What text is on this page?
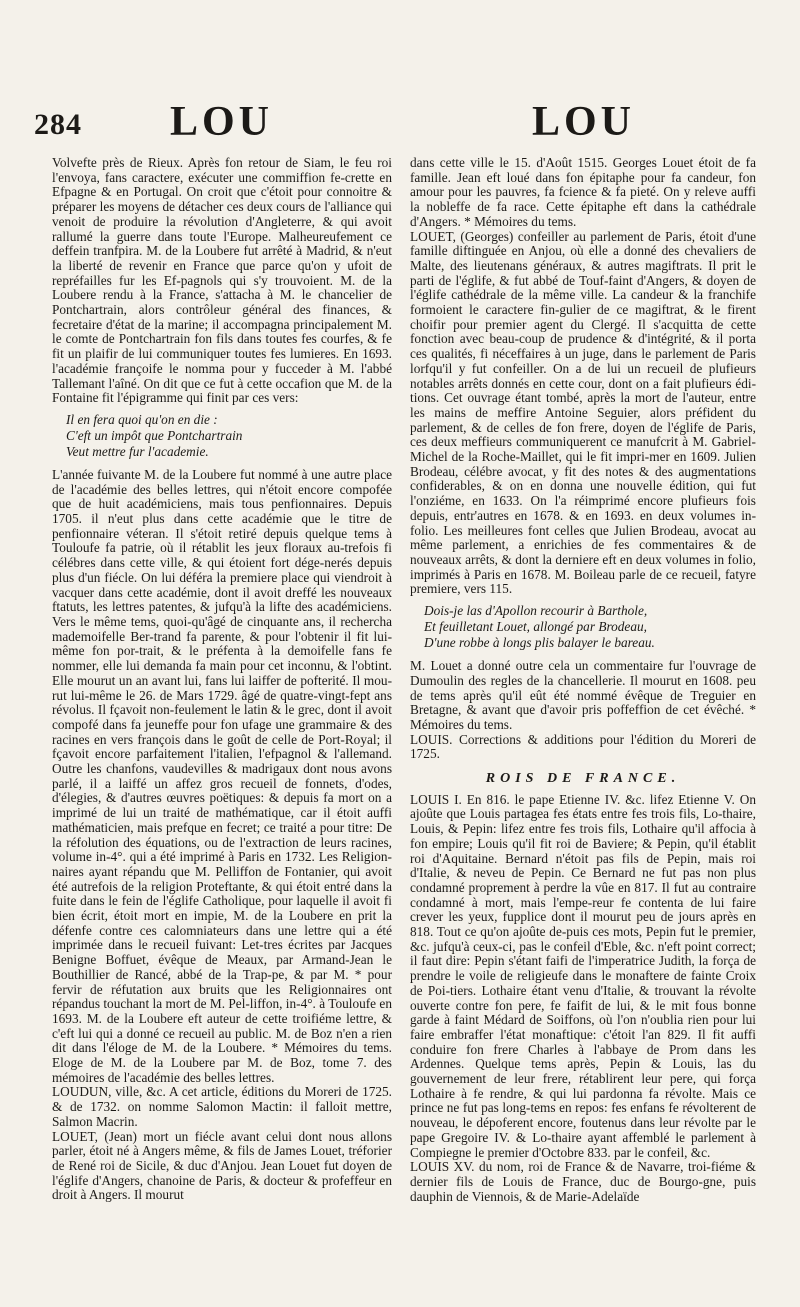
284 LOU	LOU

Volvefte près de Rieux. Après fon retour de Siam, le feu roi l'envoya, fans caractere, exécuter une commiffion fe-crette en Efpagne & en Portugal. On croit que c'étoit pour connoitre & préparer les moyens de détacher ces deux cours de l'alliance qui venoit de produire la révolution d'Angleterre, & qui avoit rallumé la guerre dans toute l'Europe. Malheureufement ce deffein tranfpira. M. de la Loubere fut arrêté à Madrid, & n'eut la liberté de revenir en France que parce qu'on y ufoit de repréfailles fur les Ef-pagnols qui s'y trouvoient. M. de la Loubere rendu à la France, s'attacha à M. le chancelier de Pontchartrain, alors contrôleur général des finances, & fecretaire d'état de la marine; il accompagna principalement M. le comte de Pontchartrain fon fils dans toutes fes courfes, & fe fit un plaifir de lui communiquer toutes fes lumieres. En 1693. l'académie françoife le nomma pour y fucceder à M. l'abbé Tallemant l'aîné. On dit que ce fut à cette occafion que M. de la Fontaine fit l'épigramme qui finit par ces vers:

Il en fera quoi qu'on en die :
C'eft un impôt que Pontchartrain
Veut mettre fur l'academie.

L'année fuivante M. de la Loubere fut nommé à une autre place de l'académie des belles lettres, qui n'étoit encore compofée que de huit académiciens, mais tous penfionnaires. Depuis 1705. il n'eut plus dans cette académie que le titre de penfionnaire véteran. Il s'étoit retiré depuis quelque tems à Touloufe fa patrie, où il rétablit les jeux floraux au-trefois fi célébres dans cette ville, & qui étoient fort dége-nerés depuis plus d'un fiécle. On lui déféra la premiere place qui viendroit à vacquer dans cette académie, dont il avoit dreffé les nouveaux ftatuts, les lettres patentes, & jufqu'à la lifte des académiciens. Vers le même tems, quoi-qu'âgé de cinquante ans, il rechercha mademoifelle Ber-trand fa parente, & pour l'obtenir il fit lui-même fon por-trait, & le préfenta à la demoifelle fans fe nommer, elle lui demanda fa main pour cet inconnu, & l'obtint. Elle mourut un an avant lui, fans lui laiffer de pofterité. Il mou-rut lui-même le 26. de Mars 1729. âgé de quatre-vingt-fept ans révolus. Il fçavoit non-feulement le latin & le grec, dont il avoit compofé dans fa jeuneffe pour fon ufage une grammaire & des racines en vers françois dans le goût de celle de Port-Royal; il fçavoit encore parfaitement l'italien, l'efpagnol & l'allemand. Outre les chanfons, vaudevilles & madrigaux dont nous avons parlé, il a laiffé un affez gros recueil de fonnets, d'odes, d'élegies, & d'autres œuvres poëtiques: & depuis fa mort on a imprimé de lui un traité de mathématique, car il étoit auffi mathématicien, mais prefque en fecret; ce traité a pour titre: De la réfolution des équations, ou de l'extraction de leurs racines, volume in-4°. qui a été imprimé à Paris en 1732. Les Religion-naires ayant répandu que M. Pelliffon de Fontanier, qui avoit été autrefois de la religion Proteftante, & qui étoit entré dans la fuite dans le fein de l'églife Catholique, pour laquelle il avoit fi bien écrit, étoit mort en impie, M. de la Loubere en prit la défenfe contre ces calomniateurs dans une lettre qui a été imprimée dans le recueil fuivant: Let-tres écrites par Jacques Benigne Boffuet, évêque de Meaux, par Armand-Jean le Bouthillier de Rancé, abbé de la Trap-pe, & par M. * pour fervir de réfutation aux bruits que les Religionnaires ont répandus touchant la mort de M. Pel-liffon, in-4°. à Touloufe en 1693. M. de la Loubere eft auteur de cette troifiéme lettre, & c'eft lui qui a donné ce recueil au public. M. de Boz n'en a rien dit dans l'éloge de M. de la Loubere. * Mémoires du tems. Eloge de M. de la Loubere par M. de Boz, tome 7. des mémoires de l'académie des belles lettres.

LOUDUN, ville, &c. A cet article, éditions du Moreri de 1725. & de 1732. on nomme Salomon Mactin: il falloit mettre, Salmon Macrin.

LOUET, (Jean) mort un fiécle avant celui dont nous allons parler, étoit né à Angers même, & fils de James Louet, tréforier de René roi de Sicile, & duc d'Anjou. Jean Louet fut doyen de l'églife d'Angers, chanoine de Paris, & docteur & profeffeur en droit à Angers. Il mourut

dans cette ville le 15. d'Août 1515. Georges Louet étoit de fa famille. Jean eft loué dans fon épitaphe pour fa candeur, fon amour pour les pauvres, fa fcience & fa pieté. On y releve auffi la nobleffe de fa race. Cette épitaphe eft dans la cathédrale d'Angers. * Mémoires du tems.

LOUET, (Georges) confeiller au parlement de Paris, étoit d'une famille diftinguée en Anjou, où elle a donné des chevaliers de Malte, des lieutenans généraux, & autres magiftrats. Il prit le parti de l'églife, & fut abbé de Touf-faint d'Angers, & doyen de l'églife cathédrale de la même ville. La candeur & la franchife formoient le caractere fin-gulier de ce magiftrat, & le firent choifir pour premier agent du Clergé. Il s'acquitta de cette fonction avec beau-coup de prudence & d'intégrité, & il porta ces qualités, fi néceffaires à un juge, dans le parlement de Paris lorfqu'il y fut confeiller. On a de lui un recueil de plufieurs notables arrêts donnés en cette cour, dont on a fait plufieurs édi-tions. Cet ouvrage étant tombé, après la mort de l'auteur, entre les mains de meffire Antoine Seguier, alors préfident du parlement, & de celles de fon frere, doyen de l'églife de Paris, ces deux meffieurs communiquerent ce manufcrit à M. Gabriel-Michel de la Roche-Maillet, qui le fit impri-mer en 1609. Julien Brodeau, célébre avocat, y fit des notes & des augmentations confiderables, & on en donna une nouvelle édition, qui fut l'onziéme, en 1633. On l'a réimprimé encore plufieurs fois depuis, entr'autres en 1678. & en 1693. en deux volumes in-folio. Les meilleures font celles que Julien Brodeau, avocat au même parlement, a enrichies de fes commentaires & de nouveaux arrêts, & dont la derniere eft en deux volumes in folio, imprimés à Paris en 1678. M. Boileau parle de ce recueil, fatyre premiere, vers 115.

Dois-je las d'Apollon recourir à Barthole,
Et feuilletant Louet, allongé par Brodeau,
D'une robbe à longs plis balayer le bareau.

M. Louet a donné outre cela un commentaire fur l'ouvrage de Dumoulin des regles de la chancellerie. Il mourut en 1608. peu de tems après qu'il eût été nommé évêque de Treguier en Bretagne, & avant que d'avoir pris poffeffion de cet évêché. * Mémoires du tems.

LOUIS. Corrections & additions pour l'édition du Moreri de 1725.

ROIS DE FRANCE.

LOUIS I. En 816. le pape Etienne IV. &c. lifez Etienne V. On ajoûte que Louis partagea fes états entre fes trois fils, Lo-thaire, Louis, & Pepin: lifez entre fes trois fils, Lothaire qu'il affocia à fon empire; Louis qu'il fit roi de Baviere; & Pepin, qu'il établit roi d'Aquitaine. Bernard n'étoit pas fils de Pepin, mais roi d'Italie, & neveu de Pepin. Ce Bernard ne fut pas non plus condamné proprement à perdre la vûe en 817. Il fut au contraire condamné à mort, mais l'empe-reur fe contenta de lui faire crever les yeux, fupplice dont il mourut peu de jours après en 818. Tout ce qu'on ajoûte de-puis ces mots, Pepin fut le premier, &c. jufqu'à ceux-ci, pas le confeil d'Eble, &c. n'eft point correct; il faut dire: Pepin s'étant faifi de l'imperatrice Judith, la força de prendre le voile de religieufe dans le monaftere de fainte Croix de Poi-tiers. Lothaire étant venu d'Italie, & trouvant la révolte ouverte contre fon pere, fe faifit de lui, & le mit fous bonne garde à faint Médard de Soiffons, où l'on n'oublia rien pour lui faire embraffer l'état monaftique: c'étoit l'an 829. Il fit auffi conduire fon frere Charles à l'abbaye de Prom dans les Ardennes. Quelque tems après, Pepin & Louis, las du gouvernement de leur frere, rétablirent leur pere, qui força Lothaire à fe rendre, & qui lui pardonna fa révolte. Mais ce prince ne fut pas long-tems en repos: fes enfans fe révolterent de nouveau, le dépoferent encore, foutenus dans leur révolte par le pape Gregoire IV. & Lo-thaire ayant affemblé le parlement à Compiegne le premier d'Octobre 833. par le confeil, &c.

LOUIS XV. du nom, roi de France & de Navarre, troi-fiéme & dernier fils de Louis de France, duc de Bourgo-gne, puis dauphin de Viennois, & de Marie-Adelaïde
